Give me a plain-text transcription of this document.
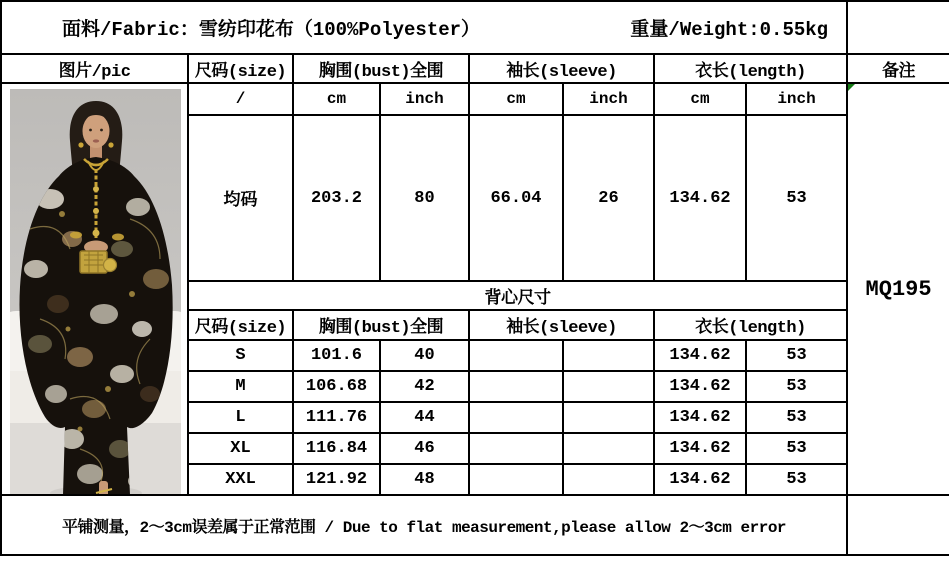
面料/Fabric：雪纺印花布（100%Polyester） 重量/Weight:0.55kg								

图片/pic	尺码(size)	胸围(bust)全围		袖长(sleeve)		衣长(length)		备注

	/	cm	inch	cm	inch	cm	inch	MQ195
	均码	203.2	80	66.04	26	134.62	53	
	背心尺寸							
	尺码(size)	胸围(bust)全围		袖长(sleeve)		衣长(length)		
	S	101.6	40			134.62	53	
	M	106.68	42			134.62	53	
	L	111.76	44			134.62	53	
	XL	116.84	46			134.62	53	
	XXL	121.92	48			134.62	53	

平铺测量，2～3cm误差属于正常范围 / Due to flat measurement,please allow 2～3cm error								
